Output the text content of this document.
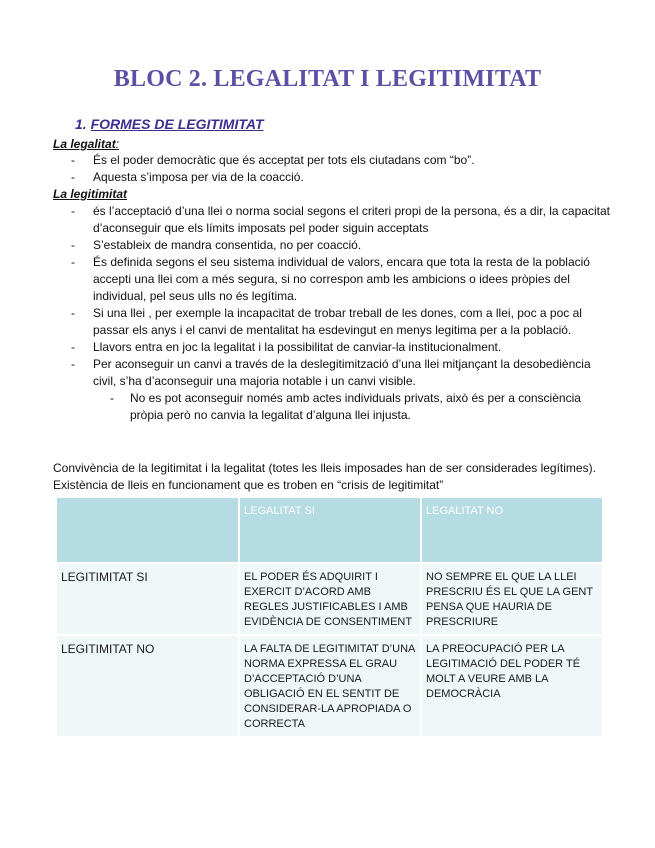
BLOC 2. LEGALITAT I LEGITIMITAT
1. FORMES DE LEGITIMITAT
La legalitat:
- És el poder democràtic que és acceptat per tots els ciutadans com “bo”.
- Aquesta s’imposa per via de la coacció.
La legitimitat
- és l’acceptació d’una llei o norma social segons el criteri propi de la persona, és a dir, la capacitat d’aconseguir que els límits imposats pel poder siguin acceptats
- S’estableix de mandra consentida, no per coacció.
- És definida segons el seu sistema individual de valors, encara que tota la resta de la població accepti una llei com a més segura, si no correspon amb les ambicions o idees pròpies del individual, pel seus ulls no és legítima.
- Si una llei , per exemple la incapacitat de trobar treball de les dones, com a llei, poc a poc al passar els anys i el canvi de mentalitat ha esdevingut en menys legitima per a la població.
- Llavors entra en joc la legalitat i la possibilitat de canviar-la institucionalment.
- Per aconseguir un canvi a través de la deslegitimització d’una llei mitjançant la desobediència civil, s’ha d’aconseguir una majoria notable i un canvi visible.
- No es pot aconseguir només amb actes individuals privats, això és per a consciència pròpia però no canvia la legalitat d’alguna llei injusta.
Convivència de la legitimitat i la legalitat (totes les lleis imposades han de ser considerades legítimes). Existència de lleis en funcionament que es troben en “crisis de legitimitat”
	LEGALITAT SI	LEGALITAT NO
LEGITIMITAT SI	EL PODER ÉS ADQUIRIT I EXERCIT D’ACORD AMB REGLES JUSTIFICABLES I AMB EVIDÈNCIA DE CONSENTIMENT	NO SEMPRE EL QUE LA LLEI PRESCRIU ÉS EL QUE LA GENT PENSA QUE HAURIA DE PRESCRIURE
LEGITIMITAT NO	LA FALTA DE LEGITIMITAT D’UNA NORMA EXPRESSA EL GRAU D’ACCEPTACIÓ D’UNA OBLIGACIÓ EN EL SENTIT DE CONSIDERAR-LA APROPIADA O CORRECTA	LA PREOCUPACIÓ PER LA LEGITIMACIÓ DEL PODER TÉ MOLT A VEURE AMB LA DEMOCRÀCIA
